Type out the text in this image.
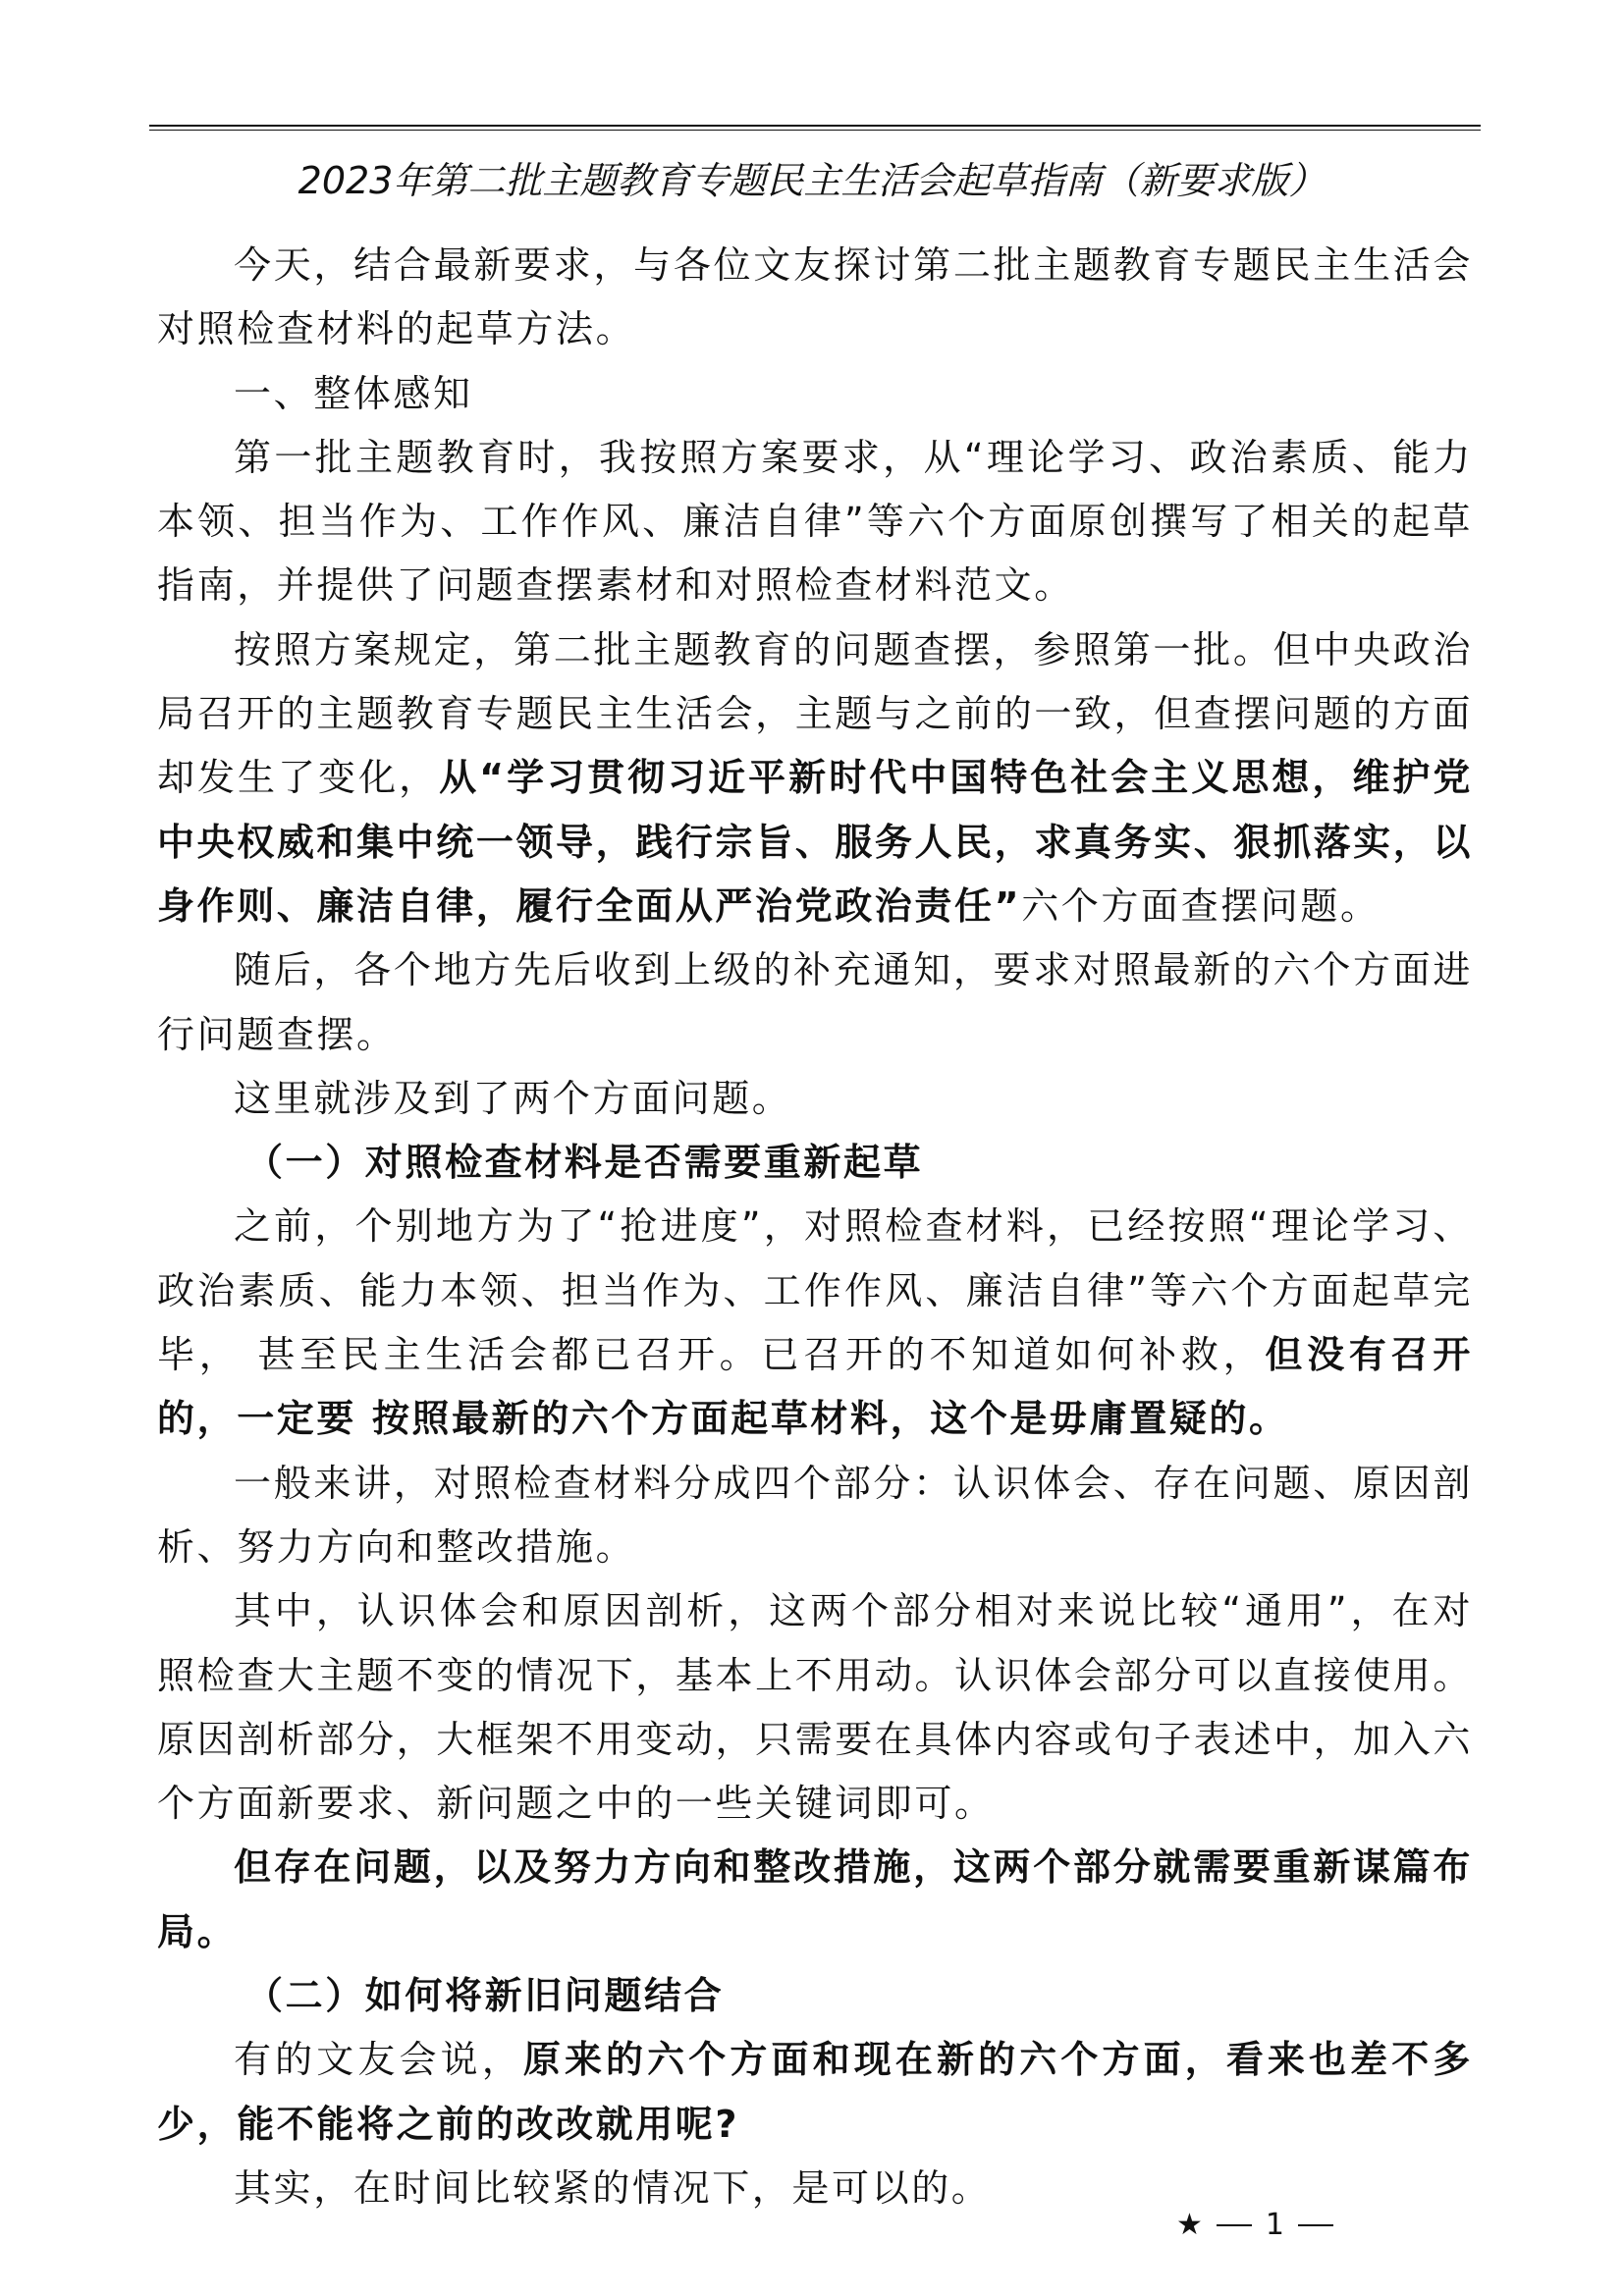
2023年第二批主题教育专题民主生活会起草指南（新要求版）

今天，结合最新要求，与各位文友探讨第二批主题教育专题民主生活会对照检查材料的起草方法。

一、整体感知

第一批主题教育时，我按照方案要求，从“理论学习、政治素质、能力本领、担当作为、工作作风、廉洁自律”等六个方面原创撰写了相关的起草指南，并提供了问题查摆素材和对照检查材料范文。

按照方案规定，第二批主题教育的问题查摆，参照第一批。但中央政治局召开的主题教育专题民主生活会，主题与之前的一致，但查摆问题的方面却发生了变化，从“学习贯彻习近平新时代中国特色社会主义思想，维护党中央权威和集中统一领导，践行宗旨、服务人民，求真务实、狠抓落实，以身作则、廉洁自律，履行全面从严治党政治责任”六个方面查摆问题。

随后，各个地方先后收到上级的补充通知，要求对照最新的六个方面进行问题查摆。

这里就涉及到了两个方面问题。

（一）对照检查材料是否需要重新起草

之前，个别地方为了“抢进度”，对照检查材料，已经按照“理论学习、 政治素质、能力本领、担当作为、工作作风、廉洁自律”等六个方面起草完毕， 甚至民主生活会都已召开。已召开的不知道如何补救，但没有召开的，一定要 按照最新的六个方面起草材料，这个是毋庸置疑的。

一般来讲，对照检查材料分成四个部分：认识体会、存在问题、原因剖析、努力方向和整改措施。

其中，认识体会和原因剖析，这两个部分相对来说比较“通用”，在对照检查大主题不变的情况下，基本上不用动。认识体会部分可以直接使用。原因剖析部分，大框架不用变动，只需要在具体内容或句子表述中，加入六个方面新要求、新问题之中的一些关键词即可。

但存在问题，以及努力方向和整改措施，这两个部分就需要重新谋篇布局。

（二）如何将新旧问题结合

有的文友会说，原来的六个方面和现在新的六个方面，看来也差不多少，能不能将之前的改改就用呢?

其实，在时间比较紧的情况下，是可以的。

★ 1
